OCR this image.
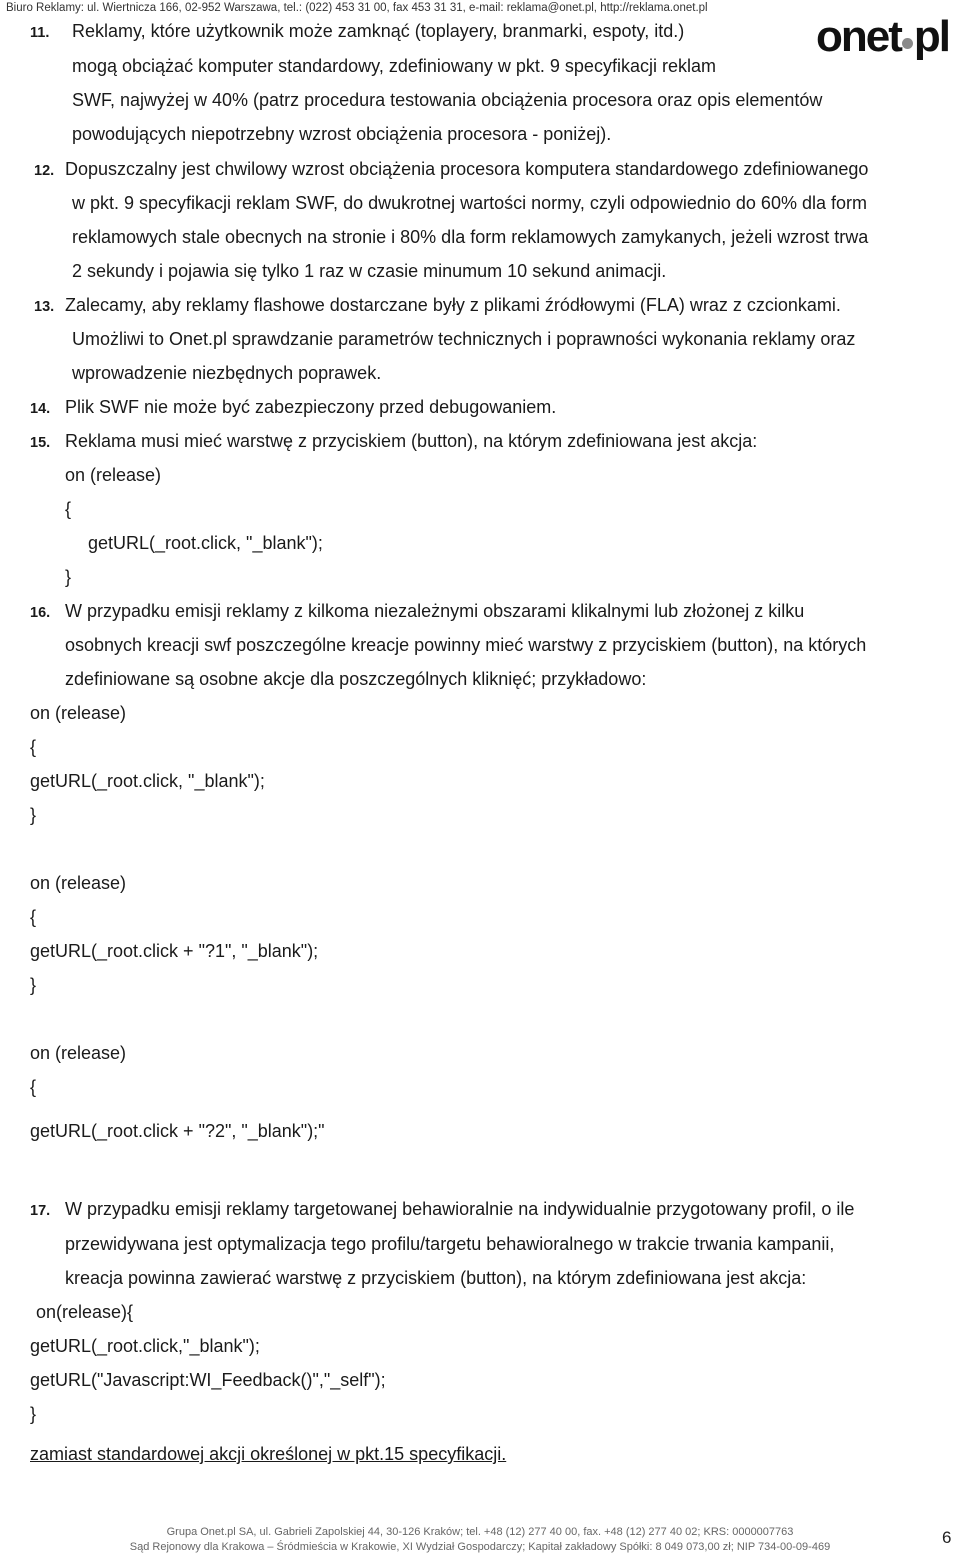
Biuro Reklamy: ul. Wiertnicza 166, 02-952 Warszawa, tel.: (022) 453 31 00, fax 453 31 31, e-mail: reklama@onet.pl, http://reklama.onet.pl
onet pl
11. Reklamy, które użytkownik może zamknąć (toplayery, branmarki, espoty, itd.)
mogą obciążać komputer standardowy, zdefiniowany w pkt. 9 specyfikacji reklam
SWF, najwyżej w 40% (patrz procedura testowania obciążenia procesora oraz opis elementów
powodujących niepotrzebny wzrost obciążenia procesora - poniżej).
12. Dopuszczalny jest chwilowy wzrost obciążenia procesora komputera standardowego zdefiniowanego
w pkt. 9 specyfikacji reklam SWF, do dwukrotnej wartości normy, czyli odpowiednio do 60% dla form
reklamowych stale obecnych na stronie i 80% dla form reklamowych zamykanych, jeżeli wzrost trwa
2 sekundy i pojawia się tylko 1 raz w czasie minumum 10 sekund animacji.
13. Zalecamy, aby reklamy flashowe dostarczane były z plikami źródłowymi (FLA) wraz z czcionkami.
Umożliwi to Onet.pl sprawdzanie parametrów technicznych i poprawności wykonania reklamy oraz
wprowadzenie niezbędnych poprawek.
14. Plik SWF nie może być zabezpieczony przed debugowaniem.
15. Reklama musi mieć warstwę z przyciskiem (button), na którym zdefiniowana jest akcja:
on (release)
{
getURL(_root.click, "_blank");
}
16. W przypadku emisji reklamy z kilkoma niezależnymi obszarami klikalnymi lub złożonej z kilku
osobnych kreacji swf poszczególne kreacje powinny mieć warstwy z przyciskiem (button), na których
zdefiniowane są osobne akcje dla poszczególnych kliknięć; przykładowo:
on (release)
{
getURL(_root.click, "_blank");
}
on (release)
{
getURL(_root.click + "?1", "_blank");
}
on (release)
{
getURL(_root.click + "?2", "_blank");"
17. W przypadku emisji reklamy targetowanej behawioralnie na indywidualnie przygotowany profil, o ile
przewidywana jest optymalizacja tego profilu/targetu behawioralnego w trakcie trwania kampanii,
kreacja powinna zawierać warstwę z przyciskiem (button), na którym zdefiniowana jest akcja:
on(release){
getURL(_root.click,"_blank");
getURL("Javascript:WI_Feedback()","_self");
}
zamiast standardowej akcji określonej w pkt.15 specyfikacji.
Grupa Onet.pl SA, ul. Gabrieli Zapolskiej 44, 30-126 Kraków; tel. +48 (12) 277 40 00, fax. +48 (12) 277 40 02; KRS: 0000007763
Sąd Rejonowy dla Krakowa – Śródmieścia w Krakowie, XI Wydział Gospodarczy; Kapitał zakładowy Spółki: 8 049 073,00 zł; NIP 734-00-09-469	6
